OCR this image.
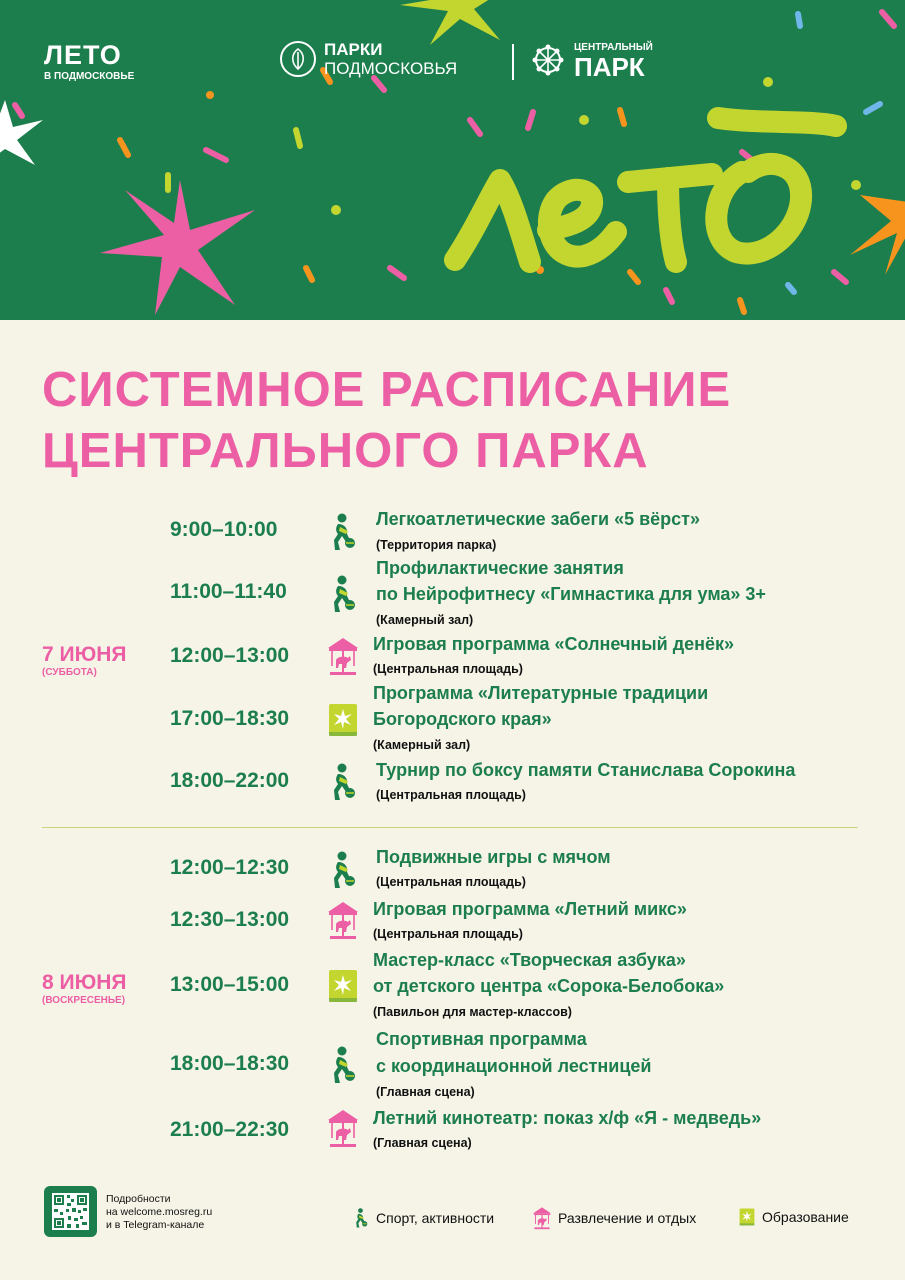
ЛЕТО
В ПОДМОСКОВЬЕ
ПАРКИ
ПОДМОСКОВЬЯ
ЦЕНТРАЛЬНЫЙ
ПАРК
СИСТЕМНОЕ РАСПИСАНИЕ
ЦЕНТРАЛЬНОГО ПАРКА
7 ИЮНЯ
(СУББОТА)
9:00–10:00	Легкоатлетические забеги «5 вёрст»
(Территория парка)
11:00–11:40
Профилактические занятия
по Нейрофитнесу «Гимнастика для ума» 3+
(Камерный зал)
12:00–13:00	Игровая программа «Солнечный денёк»
(Центральная площадь)
17:00–18:30
Программа «Литературные традиции
Богородского края»
(Камерный зал)
18:00–22:00	Турнир по боксу памяти Станислава Сорокина
(Центральная площадь)
8 ИЮНЯ
(ВОСКРЕСЕНЬЕ)
12:00–12:30	Подвижные игры с мячом
(Центральная площадь)
12:30–13:00	Игровая программа «Летний микс»
(Центральная площадь)
13:00–15:00
Мастер-класс «Творческая азбука»
от детского центра «Сорока-Белобока»
(Павильон для мастер-классов)
18:00–18:30
Спортивная программа
с координационной лестницей
(Главная сцена)
21:00–22:30	Летний кинотеатр: показ х/ф «Я - медведь»
(Главная сцена)
Подробности
на welcome.mosreg.ru
и в Telegram-канале	Спорт, активности	Развлечение и отдых	Образование
